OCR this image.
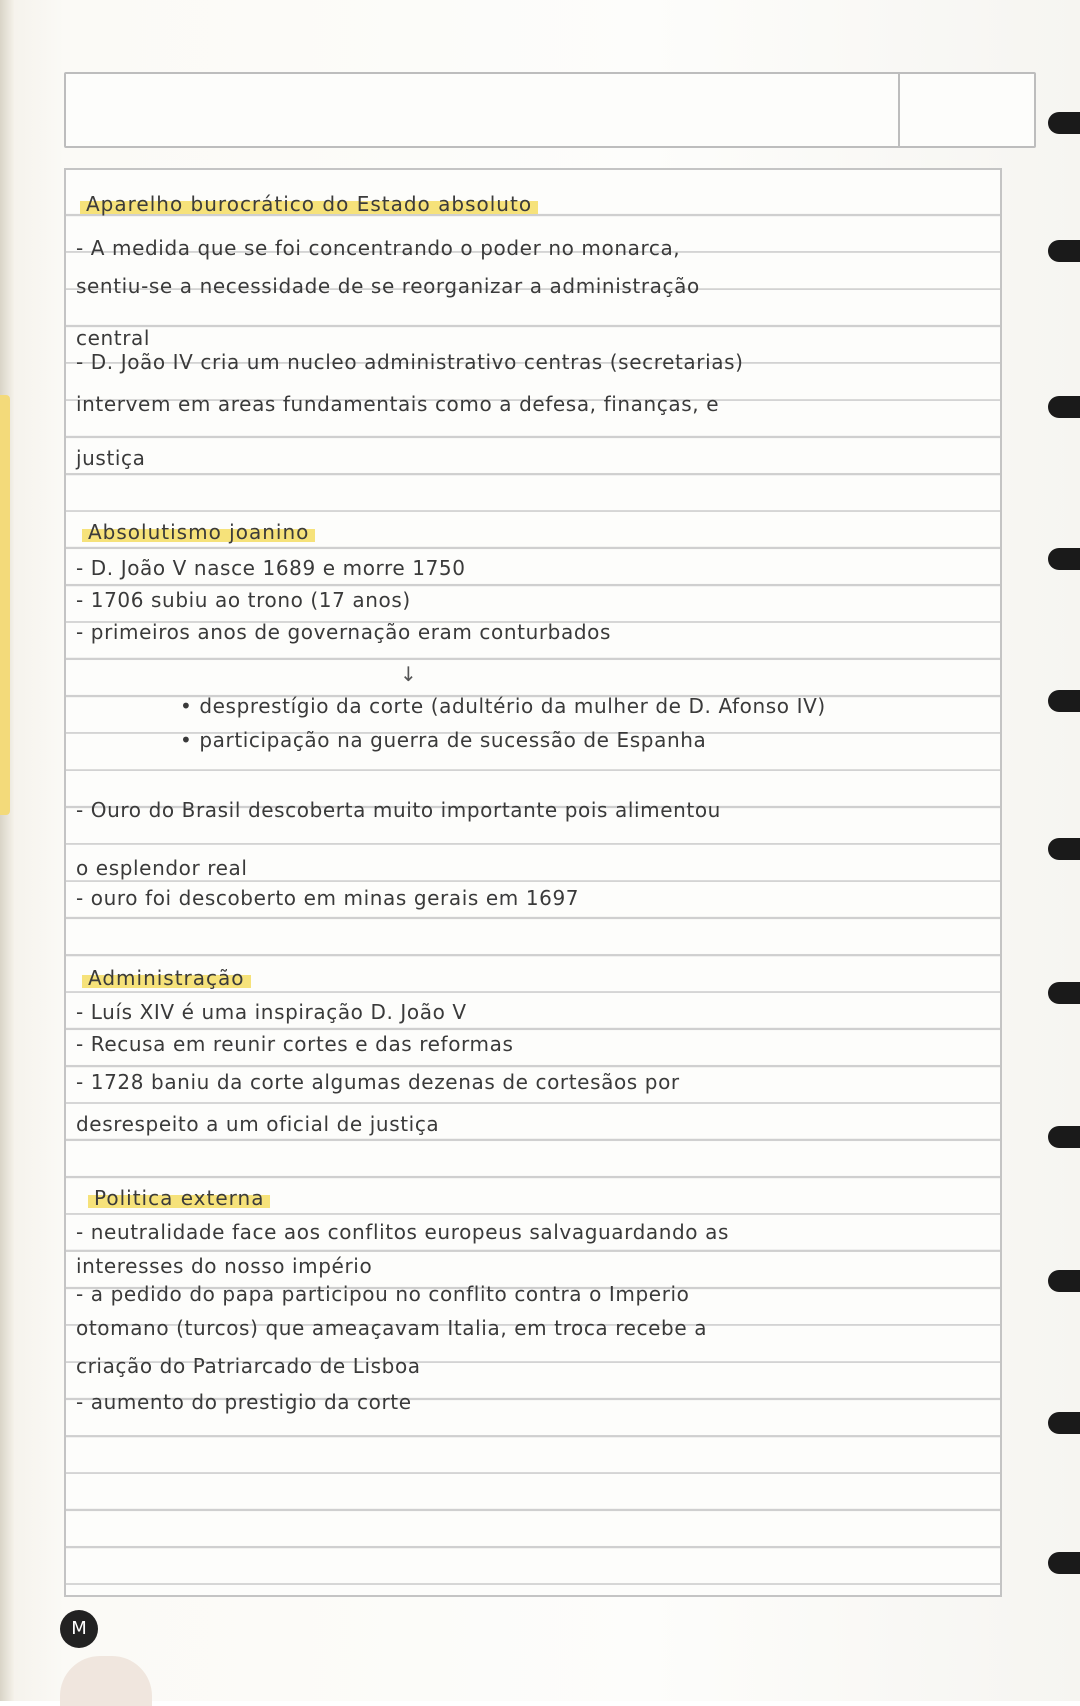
Aparelho burocrático do Estado absoluto
- A medida que se foi concentrando o poder no monarca,
sentiu-se a necessidade de se reorganizar a administração
central
- D. João IV cria um nucleo administrativo centras (secretarias)
intervem em areas fundamentais como a defesa, finanças, e
justiça
Absolutismo joanino
- D. João V nasce 1689 e morre 1750
- 1706 subiu ao trono (17 anos)
- primeiros anos de governação eram conturbados
↓
• desprestígio da corte (adultério da mulher de D. Afonso IV)
• participação na guerra de sucessão de Espanha
- Ouro do Brasil descoberta muito importante pois alimentou
o esplendor real
- ouro foi descoberto em minas gerais em 1697
Administração
- Luís XIV é uma inspiração D. João V
- Recusa em reunir cortes e das reformas
- 1728 baniu da corte algumas dezenas de cortesãos por
desrespeito a um oficial de justiça
Politica externa
- neutralidade face aos conflitos europeus salvaguardando as
interesses do nosso império
- a pedido do papa participou no conflito contra o Imperio
otomano (turcos) que ameaçavam Italia, em troca recebe a
criação do Patriarcado de Lisboa
- aumento do prestigio da corte
M
